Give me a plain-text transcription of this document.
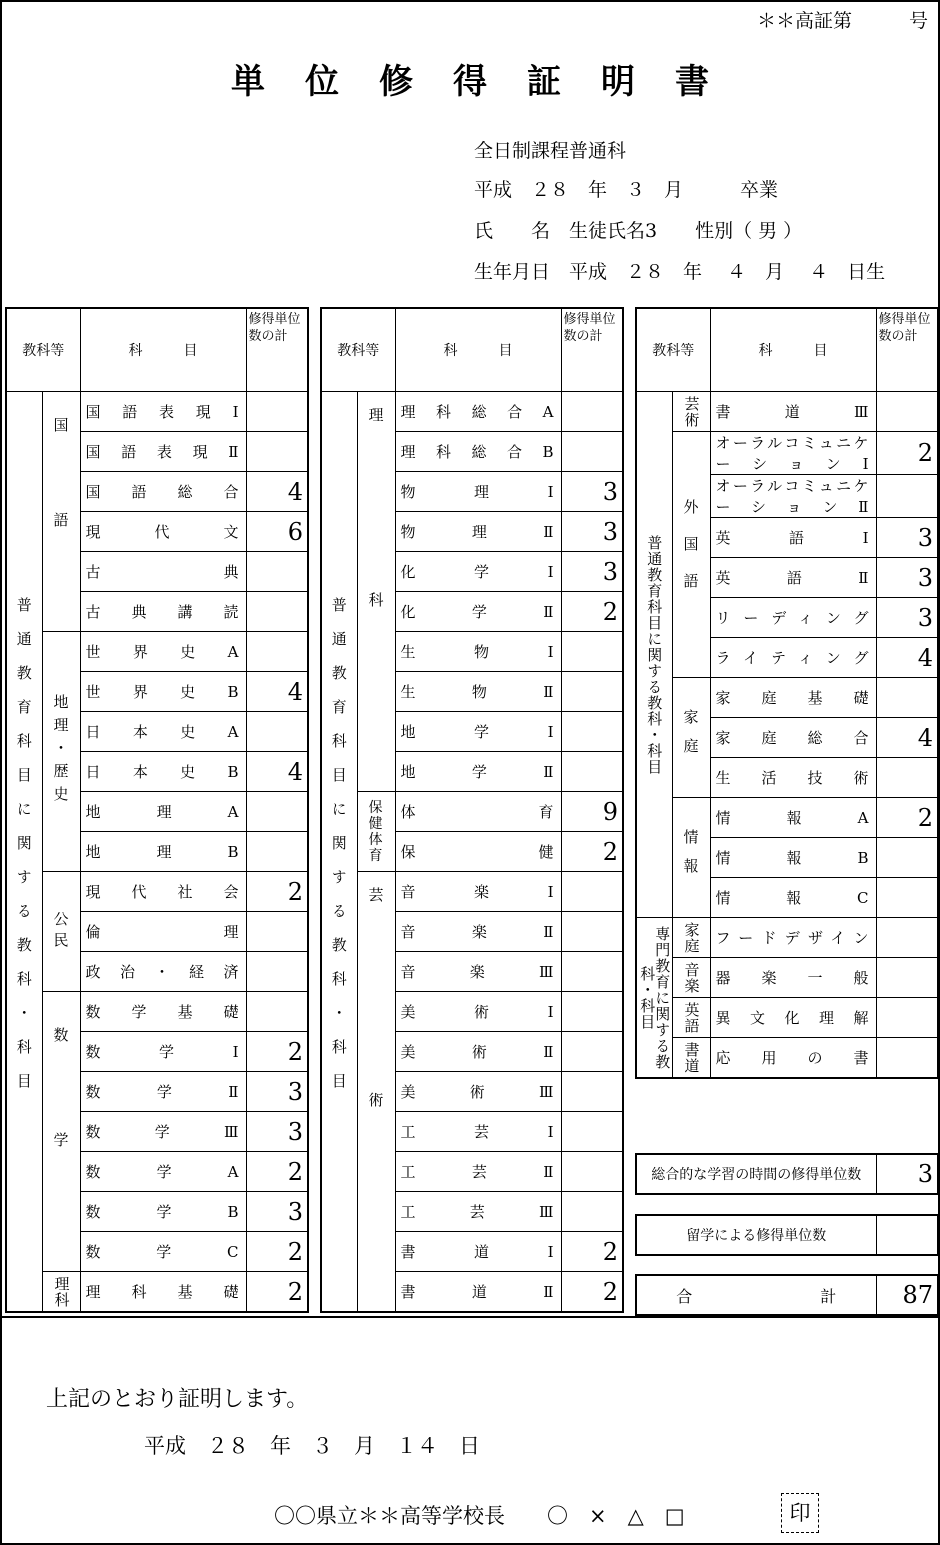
＊＊高証第　　　号
単位修得証明書
全日制課程普通科
平成　２８　年　３　月　　　卒業
氏　　名　生徒氏名3　　性別（ 男 ）
生年月日　平成　２８　年　 ４　月　 ４　日生
教科等		科　　目	修得単位数の計

普通教育科目に関する教科・科目	国語	国語表現Ⅰ	
		国語表現Ⅱ	
		国語総合	4
		現代文	6
		古典	
		古典講読	

	地理・歴史	世界史A	
		世界史B	4
		日本史A	
		日本史B	4
		地理A	
		地理B	

	公民	現代社会	2
		倫理	
		政治・経済	

	数学	数学基礎	
		数学Ⅰ	2
		数学Ⅱ	3
		数学Ⅲ	3
		数学A	2
		数学B	3
		数学C	2

	理科	理科基礎	2
教科等		科　　目	修得単位数の計

普通教育科目に関する教科・科目	理科	理科総合A	
		理科総合B	
		物理Ⅰ	3
		物理Ⅱ	3
		化学Ⅰ	3
		化学Ⅱ	2
		生物Ⅰ	
		生物Ⅱ	
		地学Ⅰ	
		地学Ⅱ	

	保健体育	体育	9
		保健	2

	芸術	音楽Ⅰ	
		音楽Ⅱ	
		音楽Ⅲ	
		美術Ⅰ	
		美術Ⅱ	
		美術Ⅲ	
		工芸Ⅰ	
		工芸Ⅱ	
		工芸Ⅲ	
		書道Ⅰ	2
		書道Ⅱ	2
教科等		科　　目	修得単位数の計

普通教育科目に関する教科・科目	芸術	書道Ⅲ	

	外国語	オーラルコミュニケーションⅠ	2
		オーラルコミュニケーションⅡ	
		英語Ⅰ	3
		英語Ⅱ	3
		リーディング	3
		ライティング	4

	家庭	家庭基礎	
		家庭総合	4
		生活技術	

	情報	情報A	2
		情報B	
		情報C	

専門教育に関する教科・科目	家庭	フードデザイン	

	音楽	器楽一般	

	英語	異文化理解	

	書道	応用の書	
総合的な学習の時間の修得単位数	3
留学による修得単位数	
合　　　　　　　　計	87
上記のとおり証明します。
平成　２８　年　３　月　１４　日
〇〇県立＊＊高等学校長　　〇　×　△　□	印
